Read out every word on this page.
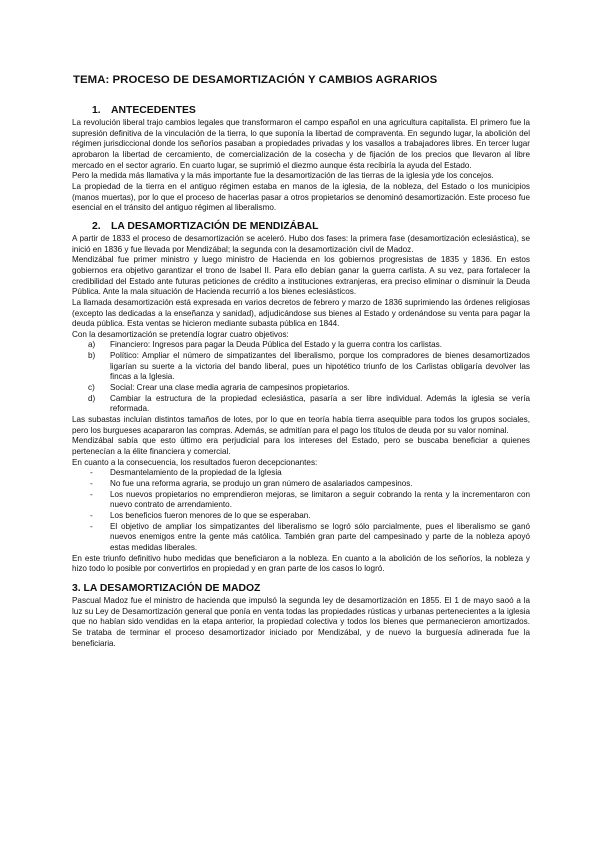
TEMA: PROCESO DE DESAMORTIZACIÓN Y CAMBIOS AGRARIOS
1. ANTECEDENTES

La revolución liberal trajo cambios legales que transformaron el campo español en una agricultura capitalista. El primero fue la supresión definitiva de la vinculación de la tierra, lo que suponía la libertad de compraventa. En segundo lugar, la abolición del régimen jurisdiccional donde los señoríos pasaban a propiedades privadas y los vasallos a trabajadores libres. En tercer lugar aprobaron la libertad de cercamiento, de comercialización de la cosecha y de fijación de los precios que llevaron al libre mercado en el sector agrario. En cuarto lugar, se suprimió el diezmo aunque ésta recibiría la ayuda del Estado.

Pero la medida más llamativa y la más importante fue la desamortización de las tierras de la iglesia yde los concejos.

La propiedad de la tierra en el antiguo régimen estaba en manos de la iglesia, de la nobleza, del Estado o los municipios (manos muertas), por lo que el proceso de hacerlas pasar a otros propietarios se denominó desamortización. Este proceso fue esencial en el tránsito del antiguo régimen al liberalismo.

2. LA DESAMORTIZACIÓN DE MENDIZÁBAL

A partir de 1833 el proceso de desamortización se aceleró. Hubo dos fases: la primera fase (desamortización eclesiástica), se inició en 1836 y fue llevada por Mendizábal; la segunda con la desamortización civil de Madoz.

Mendizábal fue primer ministro y luego ministro de Hacienda en los gobiernos progresistas de 1835 y 1836. En estos gobiernos era objetivo garantizar el trono de Isabel II. Para ello debían ganar la guerra carlista. A su vez, para fortalecer la credibilidad del Estado ante futuras peticiones de crédito a instituciones extranjeras, era preciso eliminar o disminuir la Deuda Pública. Ante la mala situación de Hacienda recurrió a los bienes eclesiásticos.

La llamada desamortización está expresada en varios decretos de febrero y marzo de 1836 suprimiendo las órdenes religiosas (excepto las dedicadas a la enseñanza y sanidad), adjudicándose sus bienes al Estado y ordenándose su venta para pagar la deuda pública. Esta ventas se hicieron mediante subasta pública en 1844.

Con la desamortización se pretendía lograr cuatro objetivos:

a) Financiero: Ingresos para pagar la Deuda Pública del Estado y la guerra contra los carlistas.
b) Político: Ampliar el número de simpatizantes del liberalismo, porque los compradores de bienes desamortizados ligarían su suerte a la victoria del bando liberal, pues un hipotético triunfo de los Carlistas obligaría devolver las fincas a la Iglesia.
c) Social: Crear una clase media agraria de campesinos propietarios.
d) Cambiar la estructura de la propiedad eclesiástica, pasaría a ser libre individual. Además la iglesia se vería reformada.

Las subastas incluían distintos tamaños de lotes, por lo que en teoría había tierra asequible para todos los grupos sociales, pero los burgueses acapararon las compras. Además, se admitían para el pago los títulos de deuda por su valor nominal.

Mendizábal sabía que esto último era perjudicial para los intereses del Estado, pero se buscaba beneficiar a quienes pertenecían a la élite financiera y comercial.

En cuanto a la consecuencia, los resultados fueron decepcionantes:

- Desmantelamiento de la propiedad de la Iglesia
- No fue una reforma agraria, se produjo un gran número de asalariados campesinos.
- Los nuevos propietarios no emprendieron mejoras, se limitaron a seguir cobrando la renta y la incrementaron con nuevo contrato de arrendamiento.
- Los beneficios fueron menores de lo que se esperaban.
- El objetivo de ampliar los simpatizantes del liberalismo se logró sólo parcialmente, pues el liberalismo se ganó nuevos enemigos entre la gente más católica. También gran parte del campesinado y parte de la nobleza apoyó estas medidas liberales.

En este triunfo definitivo hubo medidas que beneficiaron a la nobleza. En cuanto a la abolición de los señoríos, la nobleza y hizo todo lo posible por convertirlos en propiedad y en gran parte de los casos lo logró.

3. LA DESAMORTIZACIÓN DE MADOZ

Pascual Madoz fue el ministro de hacienda que impulsó la segunda ley de desamortización en 1855. El 1 de mayo saoó a la luz su Ley de Desamortización general que ponía en venta todas las propiedades rústicas y urbanas pertenecientes a la iglesia que no habían sido vendidas en la etapa anterior, la propiedad colectiva y todos los bienes que permanecieron amortizados. Se trataba de terminar el proceso desamortizador iniciado por Mendizábal, y de nuevo la burguesía adinerada fue la beneficiaria.
